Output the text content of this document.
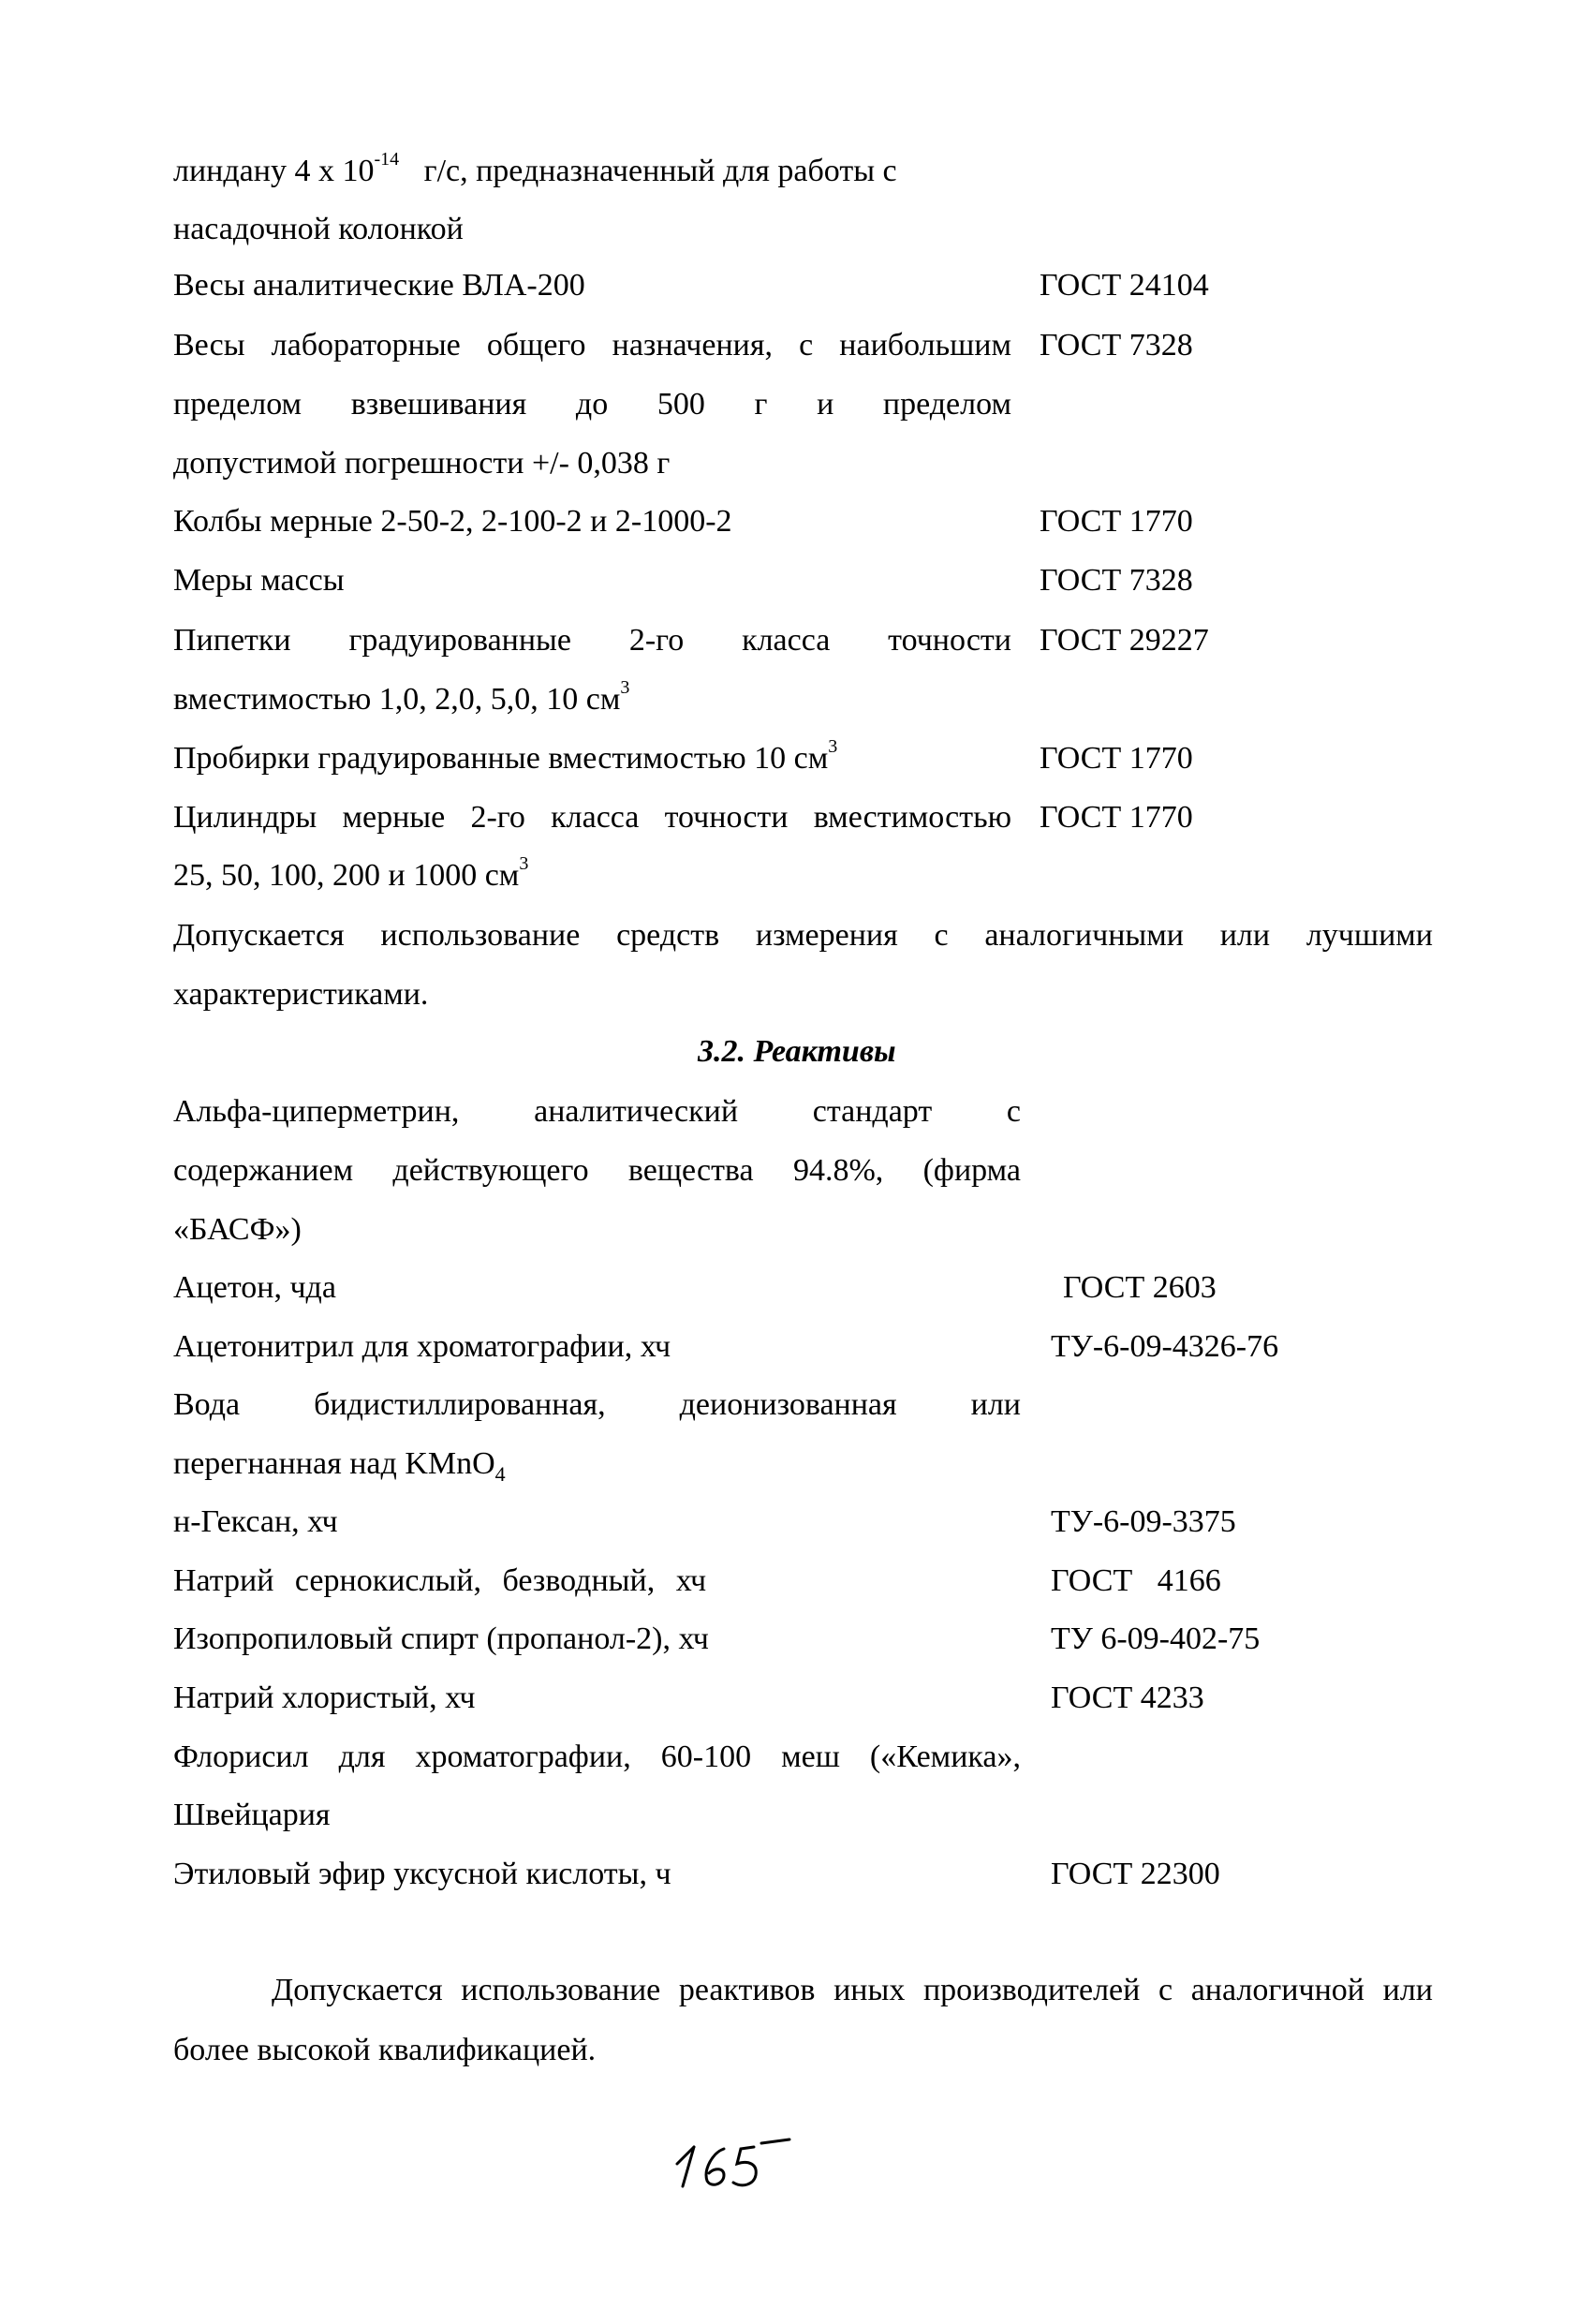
линдану 4 х $10^{-14}$ г/с, предназначенный для работы с
насадочной колонкой
Весы аналитические ВЛА-200	ГОСТ 24104
Весы лабораторные общего назначения, с наибольшим ГОСТ 7328
пределом взвешивания до 500 г и пределом
допустимой погрешности +/- 0,038 г
Колбы мерные 2-50-2, 2-100-2 и 2-1000-2	ГОСТ 1770
Меры массы	ГОСТ 7328
Пипетки градуированные 2-го класса точности ГОСТ 29227
вместимостью 1,0, 2,0, 5,0, 10 $см^3$
Пробирки градуированные вместимостью 10 $см^3$	ГОСТ 1770
Цилиндры мерные 2-го класса точности вместимостью ГОСТ 1770
25, 50, 100, 200 и 1000 $см^3$
Допускается использование средств измерения с аналогичными или лучшими
характеристиками.
3.2. Реактивы
Альфа-циперметрин, аналитический стандарт с
содержанием действующего вещества 94.8%, (фирма
«БАСФ»)
Ацетон, чда	ГОСТ 2603
Ацетонитрил для хроматографии, хч	ТУ-6-09-4326-76
Вода бидистиллированная, деионизованная или
перегнанная над KMnO$_4$
н-Гексан, хч	ТУ-6-09-3375
Натрий сернокислый, безводный, хч	ГОСТ 4166
Изопропиловый спирт (пропанол-2), хч	ТУ 6-09-402-75
Натрий хлористый, хч	ГОСТ 4233
Флорисил для хроматографии, 60-100 меш («Кемика»,
Швейцария
Этиловый эфир уксусной кислоты, ч	ГОСТ 22300
Допускается использование реактивов иных производителей с аналогичной или
более высокой квалификацией.
